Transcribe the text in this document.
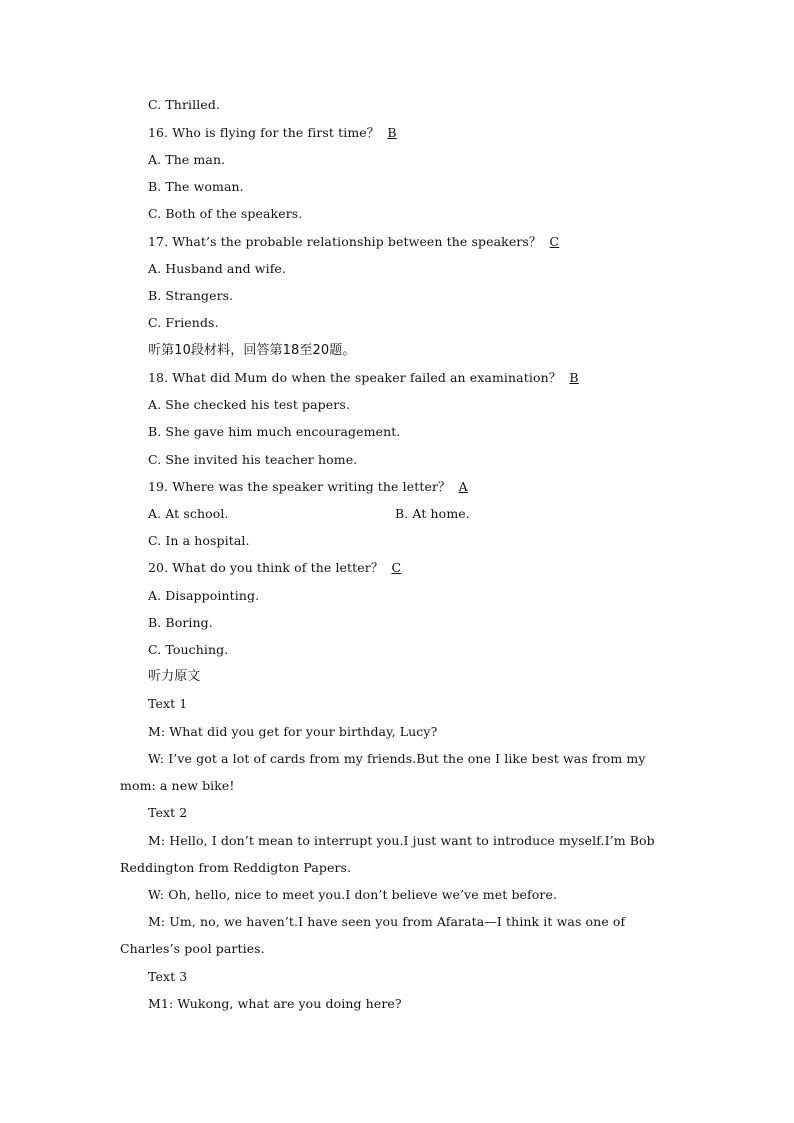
C. Thrilled.
16. Who is flying for the first time？ B
A. The man.
B. The woman.
C. Both of the speakers.
17. What’s the probable relationship between the speakers？ C
A. Husband and wife.
B. Strangers.
C. Friends.
听第10段材料，回答第18至20题。
18. What did Mum do when the speaker failed an examination？ B
A. She checked his test papers.
B. She gave him much encouragement.
C. She invited his teacher home.
19. Where was the speaker writing the letter？ A
A. At school.	B. At home.
C. In a hospital.
20. What do you think of the letter？ C
A. Disappointing.
B. Boring.
C. Touching.
听力原文
Text 1
M: What did you get for your birthday, Lucy?
W: I’ve got a lot of cards from my friends.But the one I like best was from my
mom: a new bike!
Text 2
M: Hello, I don’t mean to interrupt you.I just want to introduce myself.I’m Bob
Reddington from Reddigton Papers.
W: Oh, hello, nice to meet you.I don’t believe we’ve met before.
M: Um, no, we haven’t.I have seen you from Afarata—I think it was one of
Charles’s pool parties.
Text 3
M1: Wukong, what are you doing here?
